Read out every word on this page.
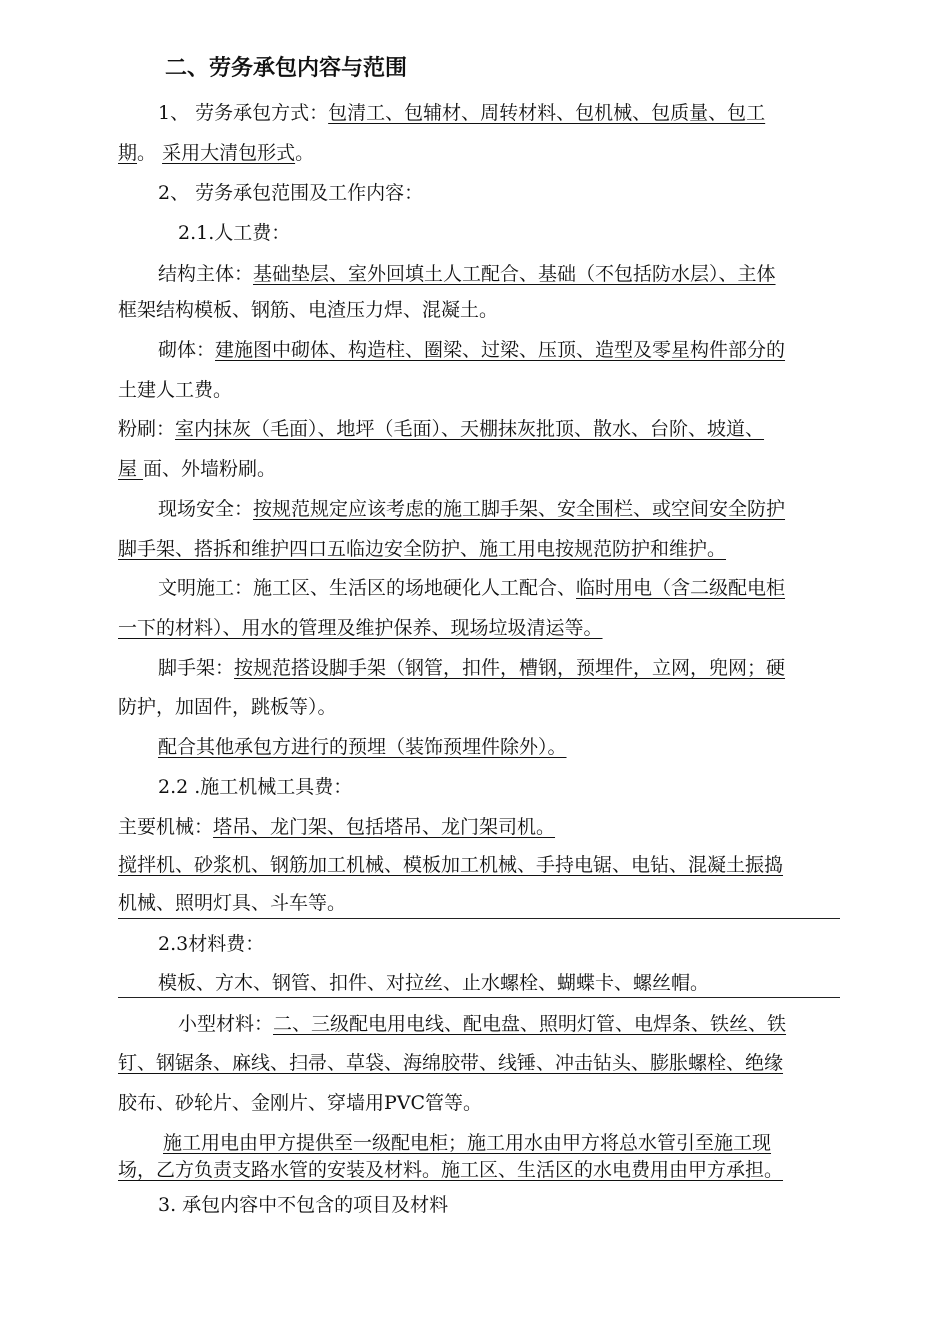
二、劳务承包内容与范围
1、 劳务承包方式：包清工、包辅材、周转材料、包机械、包质量、包工
期。 采用大清包形式。
2、 劳务承包范围及工作内容：
2.1.人工费：
结构主体：基础垫层、室外回填土人工配合、基础（不包括防水层）、主体
框架结构模板、钢筋、电渣压力焊、混凝土。
砌体：建施图中砌体、构造柱、圈梁、过梁、压顶、造型及零星构件部分的
土建人工费。
粉刷：室内抹灰（毛面）、地坪（毛面）、天棚抹灰批顶、散水、台阶、坡道、
屋 面、外墙粉刷。
现场安全：按规范规定应该考虑的施工脚手架、安全围栏、或空间安全防护
脚手架、搭拆和维护四口五临边安全防护、施工用电按规范防护和维护。
文明施工：施工区、生活区的场地硬化人工配合、临时用电（含二级配电柜
一下的材料）、用水的管理及维护保养、现场垃圾清运等。
脚手架：按规范搭设脚手架（钢管，扣件，槽钢，预埋件，立网，兜网；硬
防护，加固件，跳板等）。
配合其他承包方进行的预埋（装饰预埋件除外）。
2.2 .施工机械工具费：
主要机械：塔吊、龙门架、包括塔吊、龙门架司机。
搅拌机、砂浆机、钢筋加工机械、模板加工机械、手持电锯、电钻、混凝土振捣
机械、照明灯具、斗车等。
2.3材料费：
模板、方木、钢管、扣件、对拉丝、止水螺栓、蝴蝶卡、螺丝帽。
小型材料：二、三级配电用电线、配电盘、照明灯管、电焊条、铁丝、铁
钉、钢锯条、麻线、扫帚、草袋、海绵胶带、线锤、冲击钻头、膨胀螺栓、绝缘
胶布、砂轮片、金刚片、穿墙用PVC管等。
施工用电由甲方提供至一级配电柜；施工用水由甲方将总水管引至施工现
场，乙方负责支路水管的安装及材料。施工区、生活区的水电费用由甲方承担。
3. 承包内容中不包含的项目及材料
